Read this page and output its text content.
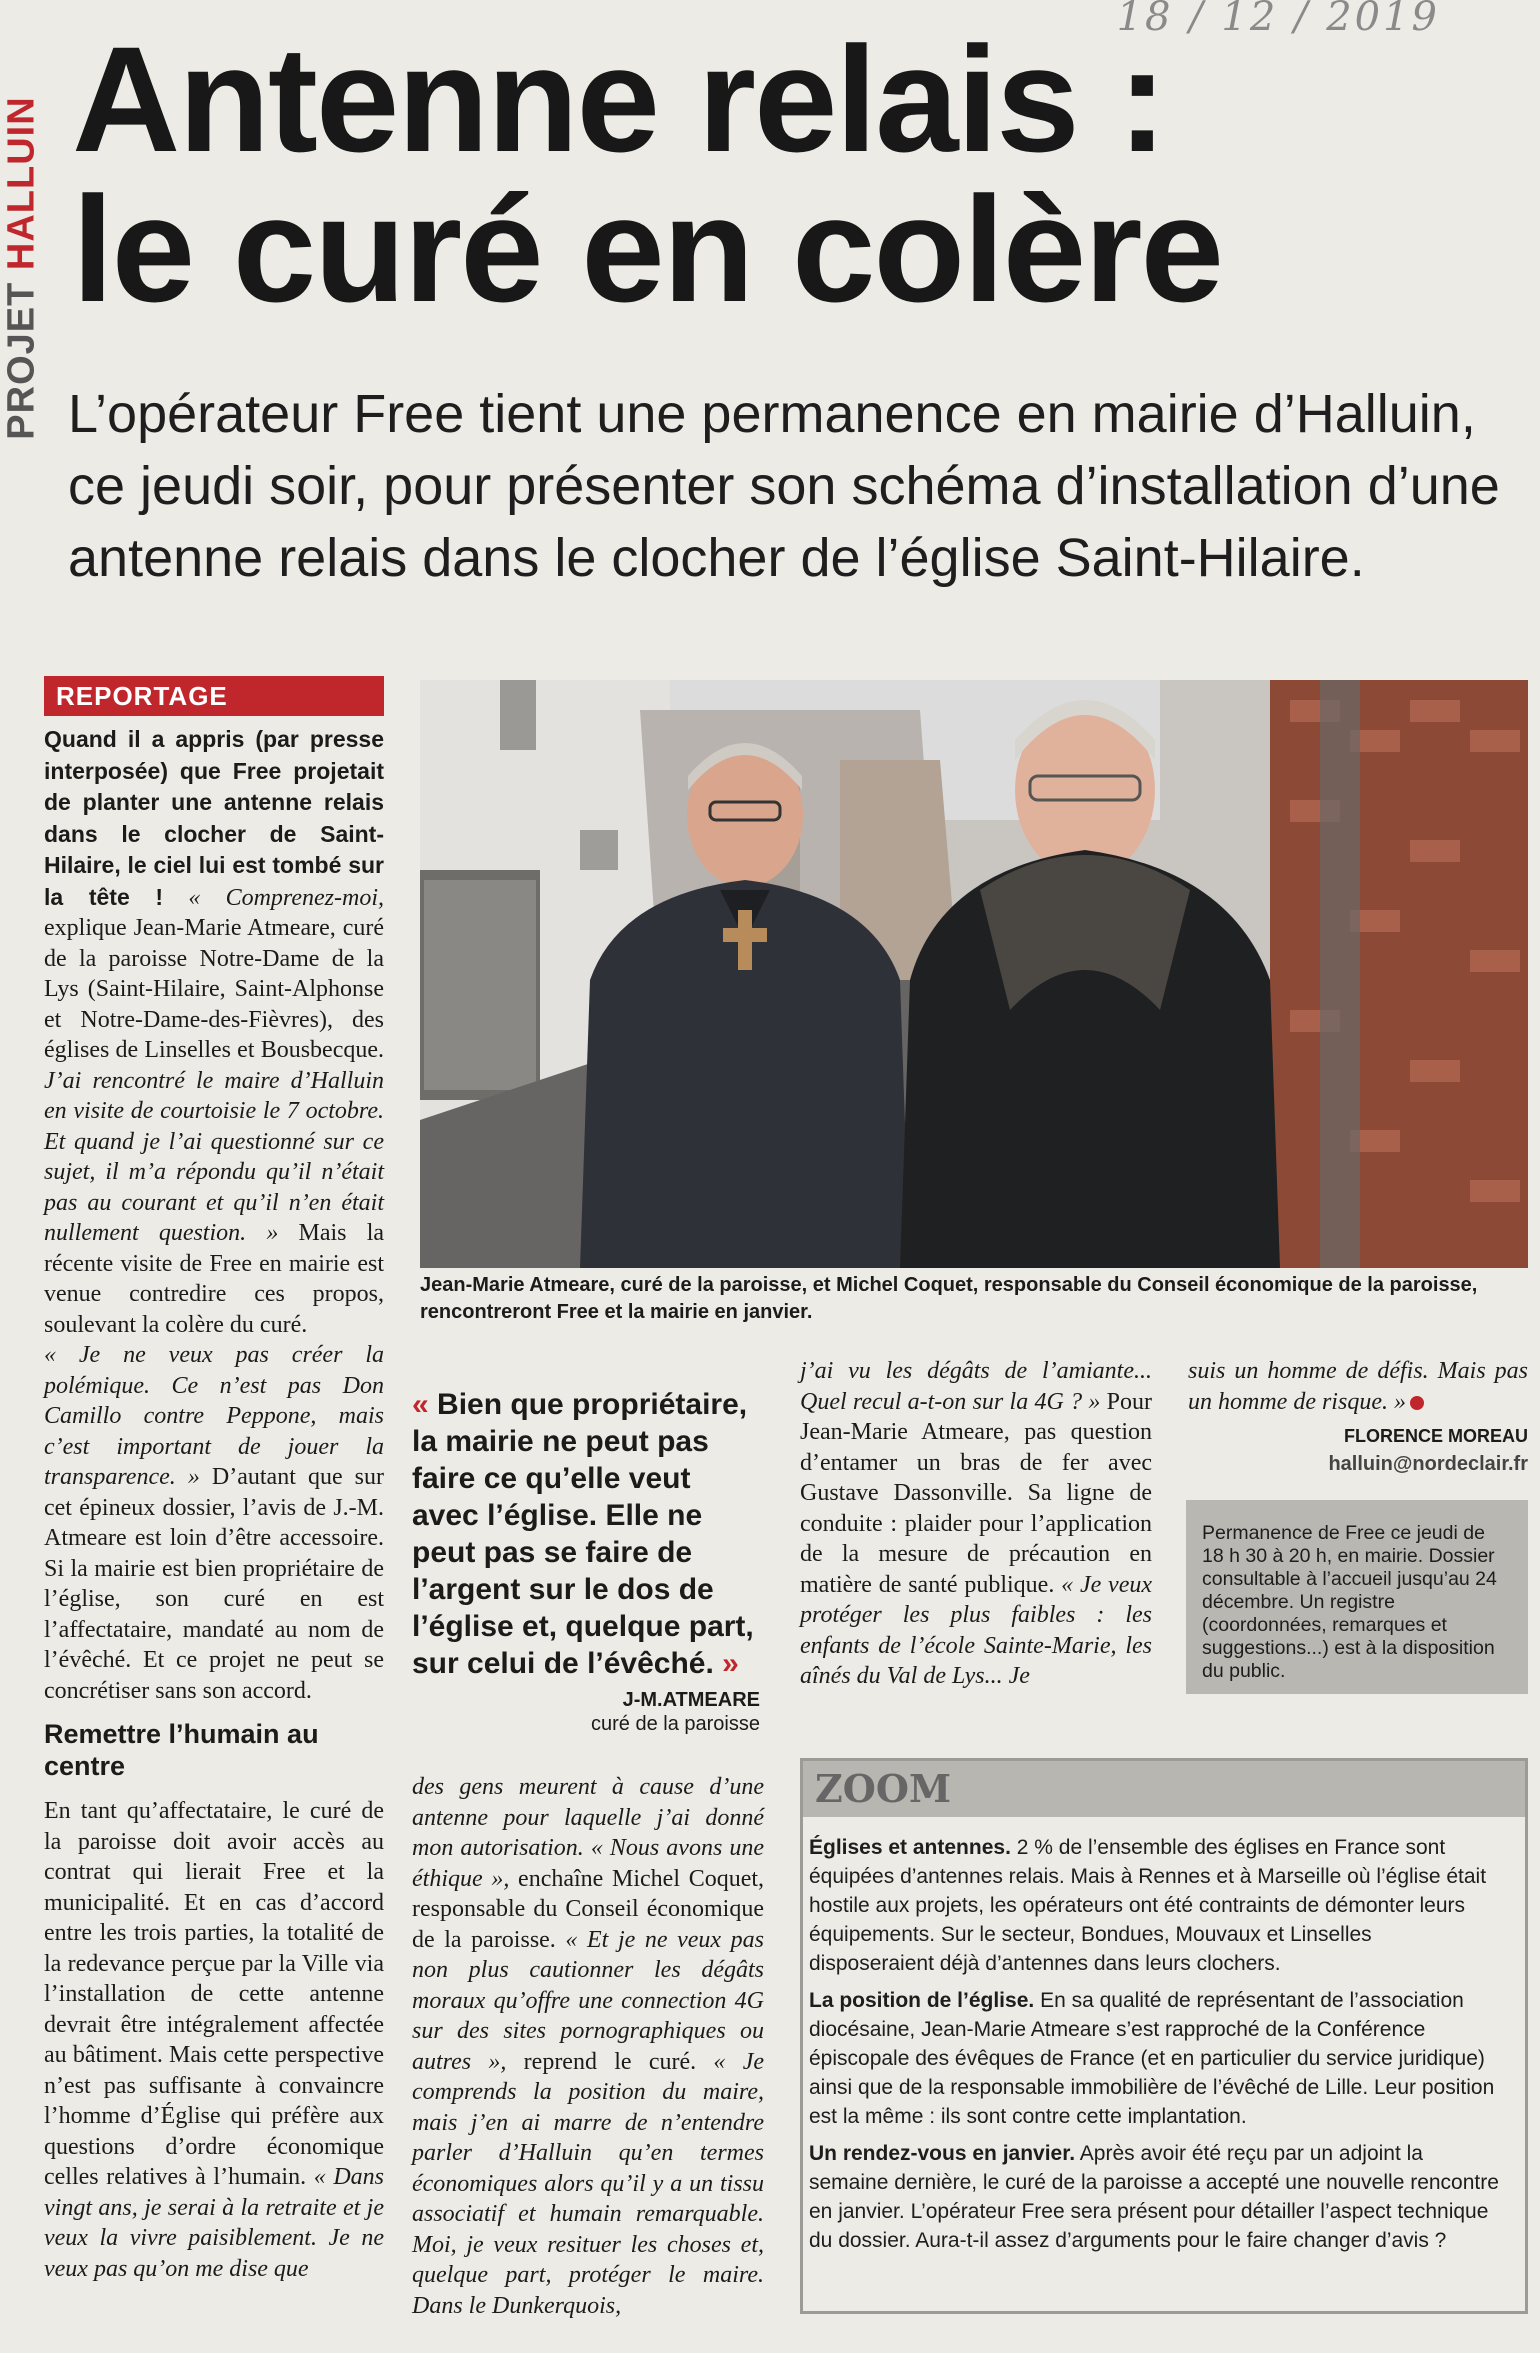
PROJET HALLUIN
18 / 12 / 2019
Antenne relais :
le curé en colère
L’opérateur Free tient une permanence en mairie d’Halluin, ce jeudi soir, pour présenter son schéma d’installation d’une antenne relais dans le clocher de l’église Saint-Hilaire.
REPORTAGE

Quand il a appris (par presse interposée) que Free projetait de planter une antenne relais dans le clocher de Saint-Hilaire, le ciel lui est tombé sur la tête ! « Comprenez-moi, explique Jean-Marie Atmeare, curé de la paroisse Notre-Dame de la Lys (Saint-Hilaire, Saint-Alphonse et Notre-Dame-des-Fièvres), des églises de Linselles et Bousbecque. J’ai rencontré le maire d’Halluin en visite de courtoisie le 7 octobre. Et quand je l’ai questionné sur ce sujet, il m’a répondu qu’il n’était pas au courant et qu’il n’en était nullement question. » Mais la récente visite de Free en mairie est venue contredire ces propos, soulevant la colère du curé.

« Je ne veux pas créer la polémique. Ce n’est pas Don Camillo contre Peppone, mais c’est important de jouer la transparence. » D’autant que sur cet épineux dossier, l’avis de J.-M. Atmeare est loin d’être accessoire. Si la mairie est bien propriétaire de l’église, son curé en est l’affectataire, mandaté au nom de l’évêché. Et ce projet ne peut se concrétiser sans son accord.

Remettre l’humain au centre

En tant qu’affectataire, le curé de la paroisse doit avoir accès au contrat qui lierait Free et la municipalité. Et en cas d’accord entre les trois parties, la totalité de la redevance perçue par la Ville via l’installation de cette antenne devrait être intégralement affectée au bâtiment. Mais cette perspective n’est pas suffisante à convaincre l’homme d’Église qui préfère aux questions d’ordre économique celles relatives à l’humain. « Dans vingt ans, je serai à la retraite et je veux la vivre paisiblement. Je ne veux pas qu’on me dise que

Jean-Marie Atmeare, curé de la paroisse, et Michel Coquet, responsable du Conseil économique de la paroisse, rencontreront Free et la mairie en janvier.
« Bien que propriétaire, la mairie ne peut pas faire ce qu’elle veut avec l’église. Elle ne peut pas se faire de l’argent sur le dos de l’église et, quelque part, sur celui de l’évêché. »
J-M.ATMEARE
curé de la paroisse

des gens meurent à cause d’une antenne pour laquelle j’ai donné mon autorisation. « Nous avons une éthique », enchaîne Michel Coquet, responsable du Conseil économique de la paroisse. « Et je ne veux pas non plus cautionner les dégâts moraux qu’offre une connection 4G sur des sites pornographiques ou autres », reprend le curé. « Je comprends la position du maire, mais j’en ai marre de n’entendre parler d’Halluin qu’en termes économiques alors qu’il y a un tissu associatif et humain remarquable. Moi, je veux resituer les choses et, quelque part, protéger le maire. Dans le Dunkerquois,

j’ai vu les dégâts de l’amiante... Quel recul a-t-on sur la 4G ? » Pour Jean-Marie Atmeare, pas question d’entamer un bras de fer avec Gustave Dassonville. Sa ligne de conduite : plaider pour l’application de la mesure de précaution en matière de santé publique. « Je veux protéger les plus faibles : les enfants de l’école Sainte-Marie, les aînés du Val de Lys... Je

suis un homme de défis. Mais pas un homme de risque. »

FLORENCE MOREAU

halluin@nordeclair.fr

Permanence de Free ce jeudi de 18 h 30 à 20 h, en mairie. Dossier consultable à l’accueil jusqu’au 24 décembre. Un registre (coordonnées, remarques et suggestions...) est à la disposition du public.
ZOOM

Églises et antennes. 2 % de l’ensemble des églises en France sont équipées d’antennes relais. Mais à Rennes et à Marseille où l’église était hostile aux projets, les opérateurs ont été contraints de démonter leurs équipements. Sur le secteur, Bondues, Mouvaux et Linselles disposeraient déjà d’antennes dans leurs clochers.

La position de l’église. En sa qualité de représentant de l’association diocésaine, Jean-Marie Atmeare s’est rapproché de la Conférence épiscopale des évêques de France (et en particulier du service juridique) ainsi que de la responsable immobilière de l’évêché de Lille. Leur position est la même : ils sont contre cette implantation.

Un rendez-vous en janvier. Après avoir été reçu par un adjoint la semaine dernière, le curé de la paroisse a accepté une nouvelle rencontre en janvier. L’opérateur Free sera présent pour détailler l’aspect technique du dossier. Aura-t-il assez d’arguments pour le faire changer d’avis ?
